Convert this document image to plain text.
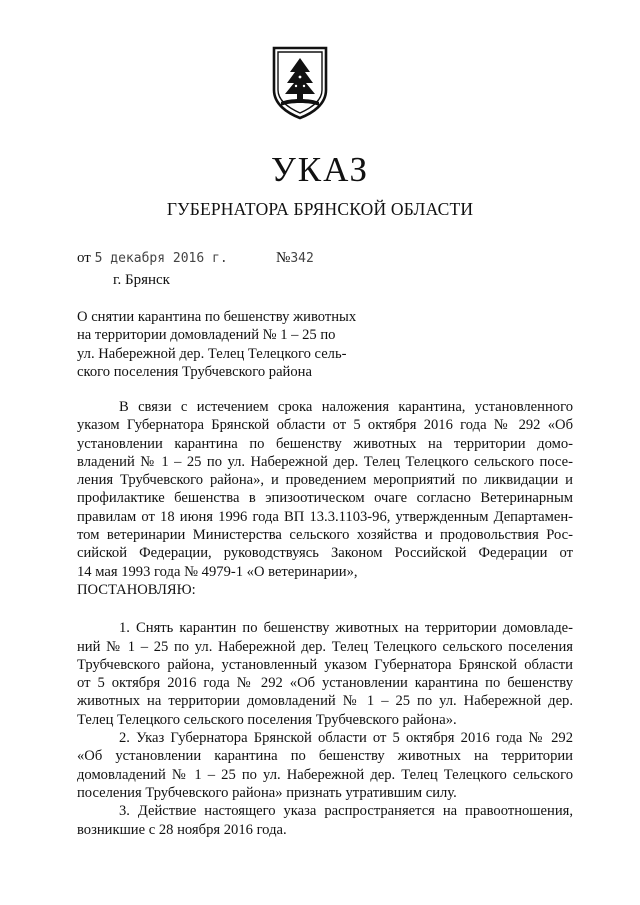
УКАЗ
ГУБЕРНАТОРА БРЯНСКОЙ ОБЛАСТИ
от 5 декабря 2016 г.	№342
г. Брянск
О снятии карантина по бешенству животных
на территории домовладений № 1 – 25 по
ул. Набережной дер. Телец Телецкого сель-
ского поселения Трубчевского района
В связи с истечением срока наложения карантина, установленного
указом Губернатора Брянской области от 5 октября 2016 года № 292 «Об
установлении карантина по бешенству животных на территории домо-
владений № 1 – 25 по ул. Набережной дер. Телец Телецкого сельского посе-
ления Трубчевского района», и проведением мероприятий по ликвидации и
профилактике бешенства в эпизоотическом очаге согласно Ветеринарным
правилам от 18 июня 1996 года ВП 13.3.1103-96, утвержденным Департамен-
том ветеринарии Министерства сельского хозяйства и продовольствия Рос-
сийской Федерации, руководствуясь Законом Российской Федерации от
14 мая 1993 года № 4979-1 «О ветеринарии»,
ПОСТАНОВЛЯЮ:
1. Снять карантин по бешенству животных на территории домовладе-
ний № 1 – 25 по ул. Набережной дер. Телец Телецкого сельского поселения
Трубчевского района, установленный указом Губернатора Брянской области
от 5 октября 2016 года № 292 «Об установлении карантина по бешенству
животных на территории домовладений № 1 – 25 по ул. Набережной дер.
Телец Телецкого сельского поселения Трубчевского района».
2. Указ Губернатора Брянской области от 5 октября 2016 года № 292
«Об установлении карантина по бешенству животных на территории
домовладений № 1 – 25 по ул. Набережной дер. Телец Телецкого сельского
поселения Трубчевского района» признать утратившим силу.
3. Действие настоящего указа распространяется на правоотношения,
возникшие с 28 ноября 2016 года.
